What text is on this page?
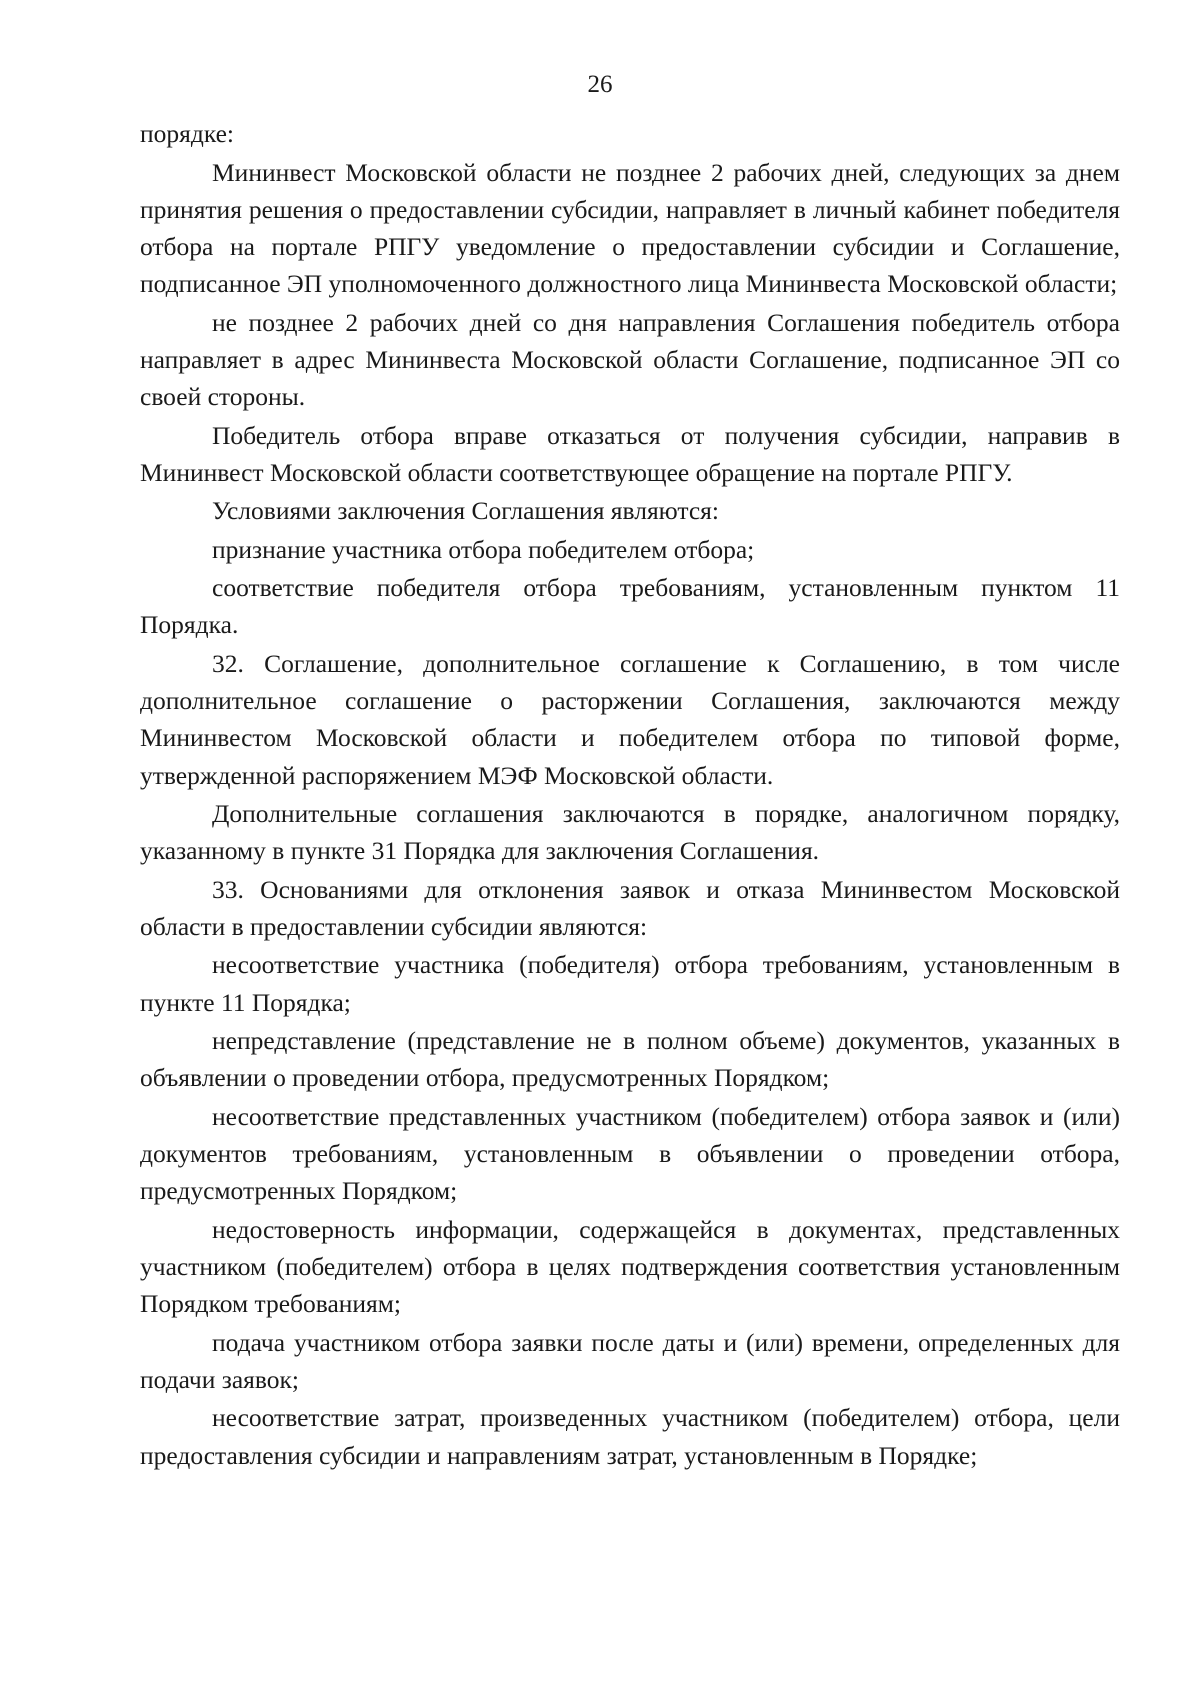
26

порядке:

Мининвест Московской области не позднее 2 рабочих дней, следующих за днем принятия решения о предоставлении субсидии, направляет в личный кабинет победителя отбора на портале РПГУ уведомление о предоставлении субсидии и Соглашение, подписанное ЭП уполномоченного должностного лица Мининвеста Московской области;

не позднее 2 рабочих дней со дня направления Соглашения победитель отбора направляет в адрес Мининвеста Московской области Соглашение, подписанное ЭП со своей стороны.

Победитель отбора вправе отказаться от получения субсидии, направив в Мининвест Московской области соответствующее обращение на портале РПГУ.

Условиями заключения Соглашения являются:

признание участника отбора победителем отбора;

соответствие победителя отбора требованиям, установленным пунктом 11 Порядка.

32. Соглашение, дополнительное соглашение к Соглашению, в том числе дополнительное соглашение о расторжении Соглашения, заключаются между Мининвестом Московской области и победителем отбора по типовой форме, утвержденной распоряжением МЭФ Московской области.

Дополнительные соглашения заключаются в порядке, аналогичном порядку, указанному в пункте 31 Порядка для заключения Соглашения.

33. Основаниями для отклонения заявок и отказа Мининвестом Московской области в предоставлении субсидии являются:

несоответствие участника (победителя) отбора требованиям, установленным в пункте 11 Порядка;

непредставление (представление не в полном объеме) документов, указанных в объявлении о проведении отбора, предусмотренных Порядком;

несоответствие представленных участником (победителем) отбора заявок и (или) документов требованиям, установленным в объявлении о проведении отбора, предусмотренных Порядком;

недостоверность информации, содержащейся в документах, представленных участником (победителем) отбора в целях подтверждения соответствия установленным Порядком требованиям;

подача участником отбора заявки после даты и (или) времени, определенных для подачи заявок;

несоответствие затрат, произведенных участником (победителем) отбора, цели предоставления субсидии и направлениям затрат, установленным в Порядке;
